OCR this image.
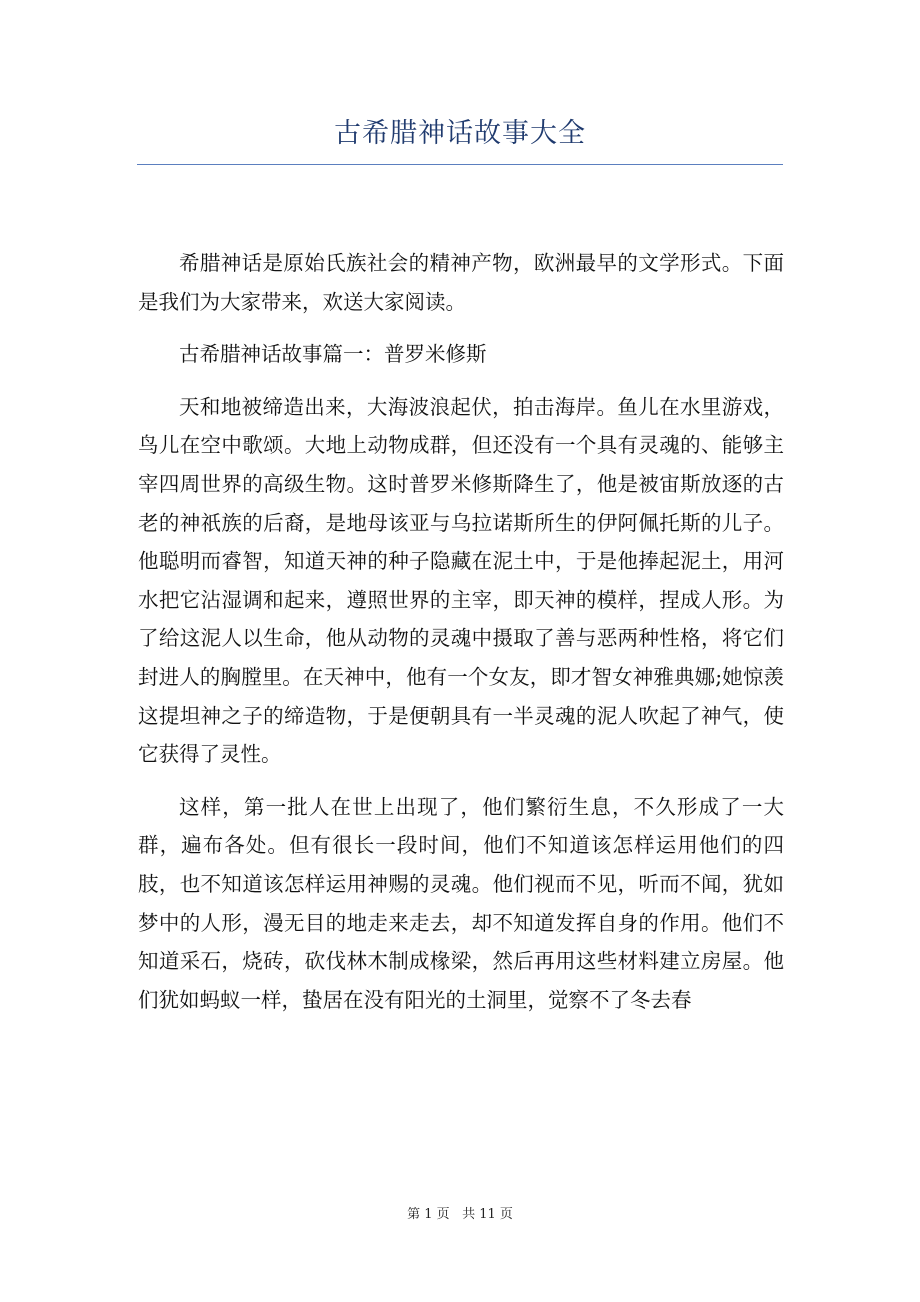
古希腊神话故事大全

希腊神话是原始氏族社会的精神产物，欧洲最早的文学形式。下面是我们为大家带来，欢送大家阅读。

古希腊神话故事篇一：普罗米修斯

天和地被缔造出来，大海波浪起伏，拍击海岸。鱼儿在水里游戏，鸟儿在空中歌颂。大地上动物成群，但还没有一个具有灵魂的、能够主宰四周世界的高级生物。这时普罗米修斯降生了，他是被宙斯放逐的古老的神祇族的后裔，是地母该亚与乌拉诺斯所生的伊阿佩托斯的儿子。他聪明而睿智，知道天神的种子隐藏在泥土中，于是他捧起泥土，用河水把它沾湿调和起来，遵照世界的主宰，即天神的模样，捏成人形。为了给这泥人以生命，他从动物的灵魂中摄取了善与恶两种性格，将它们封进人的胸膛里。在天神中，他有一个女友，即才智女神雅典娜;她惊羡这提坦神之子的缔造物，于是便朝具有一半灵魂的泥人吹起了神气，使它获得了灵性。

这样，第一批人在世上出现了，他们繁衍生息，不久形成了一大群，遍布各处。但有很长一段时间，他们不知道该怎样运用他们的四肢，也不知道该怎样运用神赐的灵魂。他们视而不见，听而不闻，犹如梦中的人形，漫无目的地走来走去，却不知道发挥自身的作用。他们不知道采石，烧砖，砍伐林木制成椽梁，然后再用这些材料建立房屋。他们犹如蚂蚁一样，蛰居在没有阳光的土洞里，觉察不了冬去春

第 1 页 共 11 页
